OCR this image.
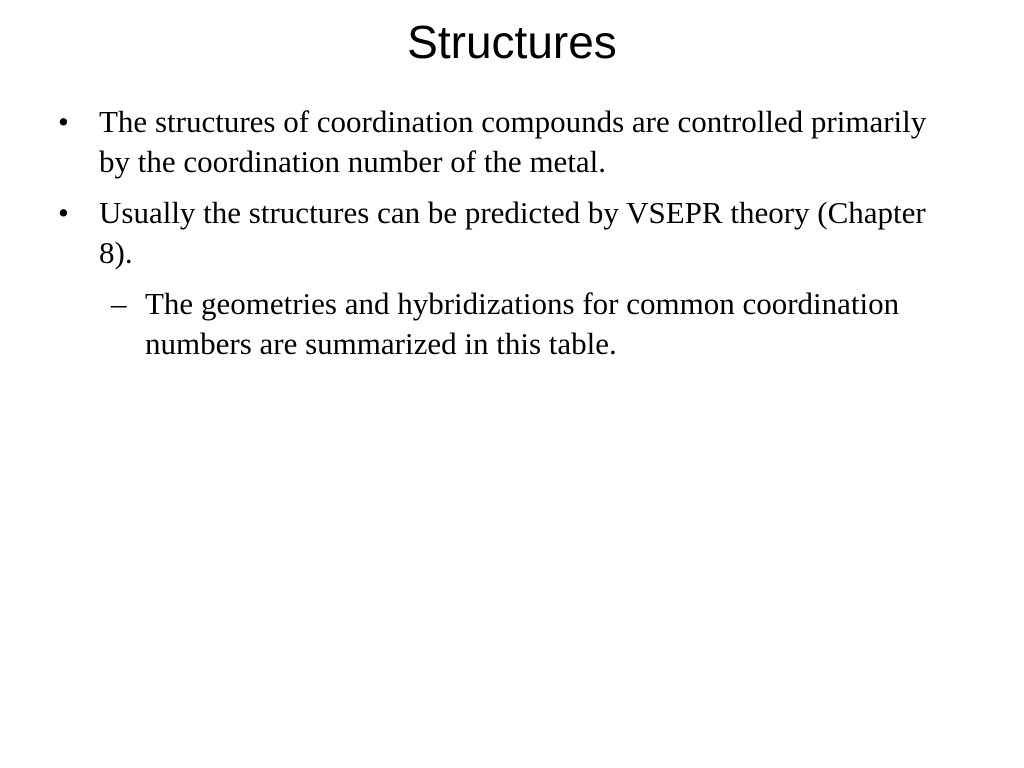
Structures
• The structures of coordination compounds are controlled primarily by the coordination number of the metal.
• Usually the structures can be predicted by VSEPR theory (Chapter 8).
– The geometries and hybridizations for common coordination numbers are summarized in this table.
